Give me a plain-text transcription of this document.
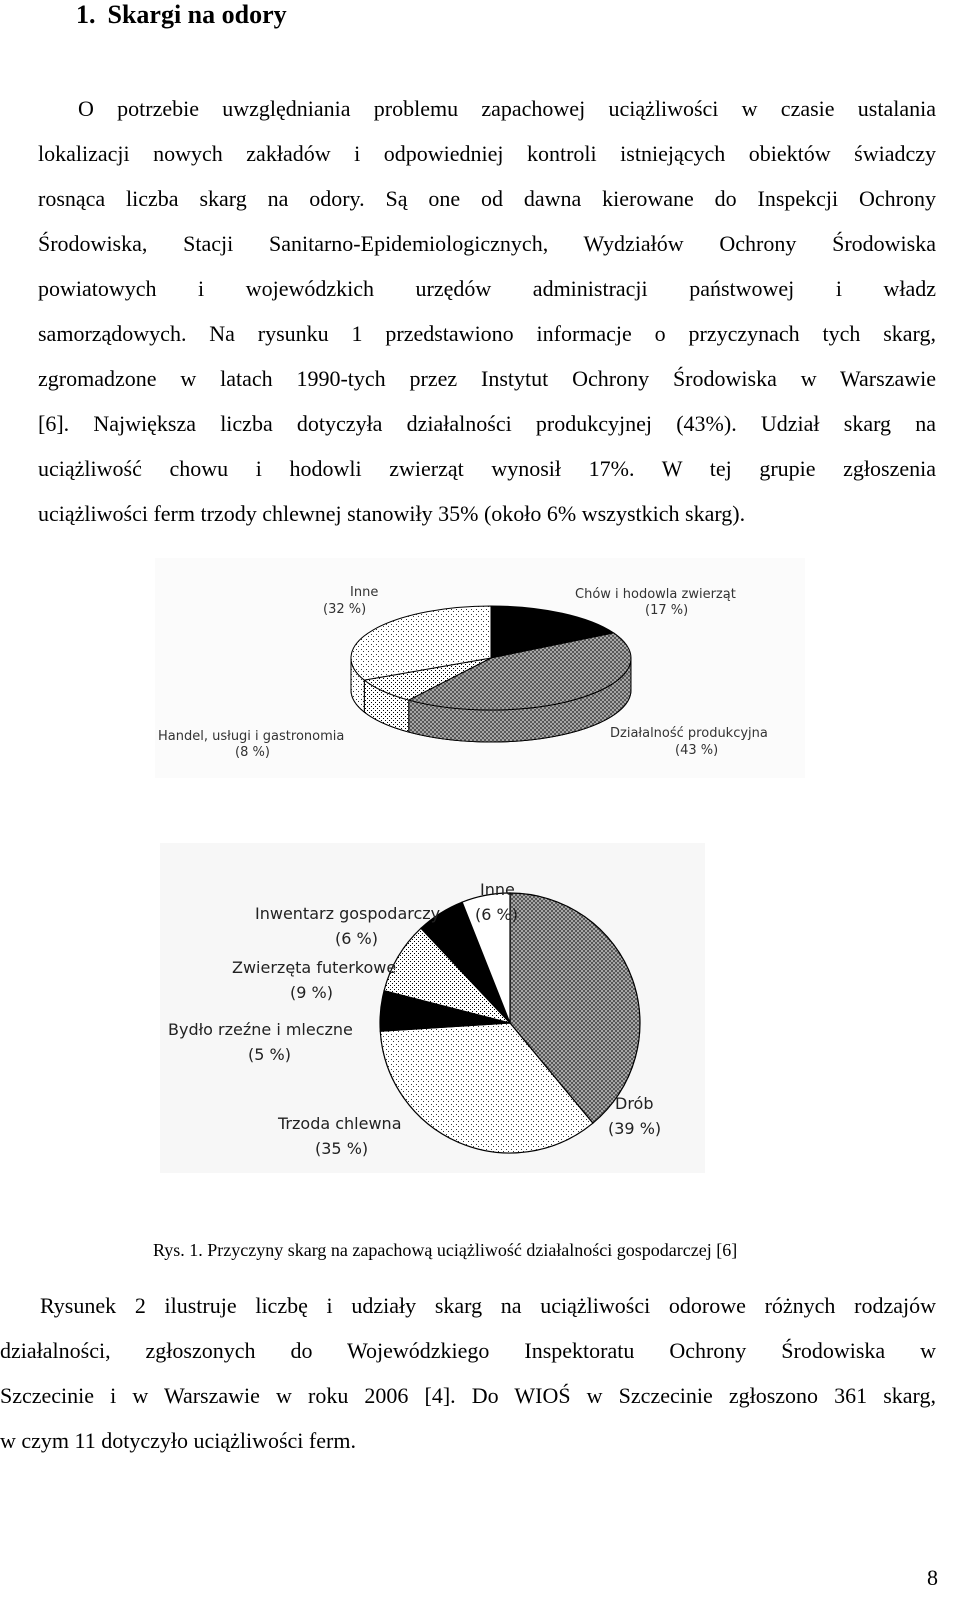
1. Skargi na odory
O potrzebie uwzględniania problemu zapachowej uciążliwości w czasie ustalania
lokalizacji nowych zakładów i odpowiedniej kontroli istniejących obiektów świadczy
rosnąca liczba skarg na odory. Są one od dawna kierowane do Inspekcji Ochrony
Środowiska, Stacji Sanitarno-Epidemiologicznych, Wydziałów Ochrony Środowiska
powiatowych i wojewódzkich urzędów administracji państwowej i władz
samorządowych. Na rysunku 1 przedstawiono informacje o przyczynach tych skarg,
zgromadzone w latach 1990-tych przez Instytut Ochrony Środowiska w Warszawie
[6]. Największa liczba dotyczyła działalności produkcyjnej (43%). Udział skarg na
uciążliwość chowu i hodowli zwierząt wynosił 17%. W tej grupie zgłoszenia
uciążliwości ferm trzody chlewnej stanowiły 35% (około 6% wszystkich skarg).
Inne
(32 %)
Chów i hodowla zwierząt
(17 %)
Handel, usługi i gastronomia
(8 %)
Działalność produkcyjna
(43 %)
Inne
(6 %)
Inwentarz gospodarczy
(6 %)
Zwierzęta futerkowe
(9 %)
Bydło rzeźne i mleczne
(5 %)
Drób
(39 %)
Trzoda chlewna
(35 %)
Rys. 1. Przyczyny skarg na zapachową uciążliwość działalności gospodarczej [6]
Rysunek 2 ilustruje liczbę i udziały skarg na uciążliwości odorowe różnych rodzajów
działalności, zgłoszonych do Wojewódzkiego Inspektoratu Ochrony Środowiska w
Szczecinie i w Warszawie w roku 2006 [4]. Do WIOŚ w Szczecinie zgłoszono 361 skarg,
w czym 11 dotyczyło uciążliwości ferm.
8
